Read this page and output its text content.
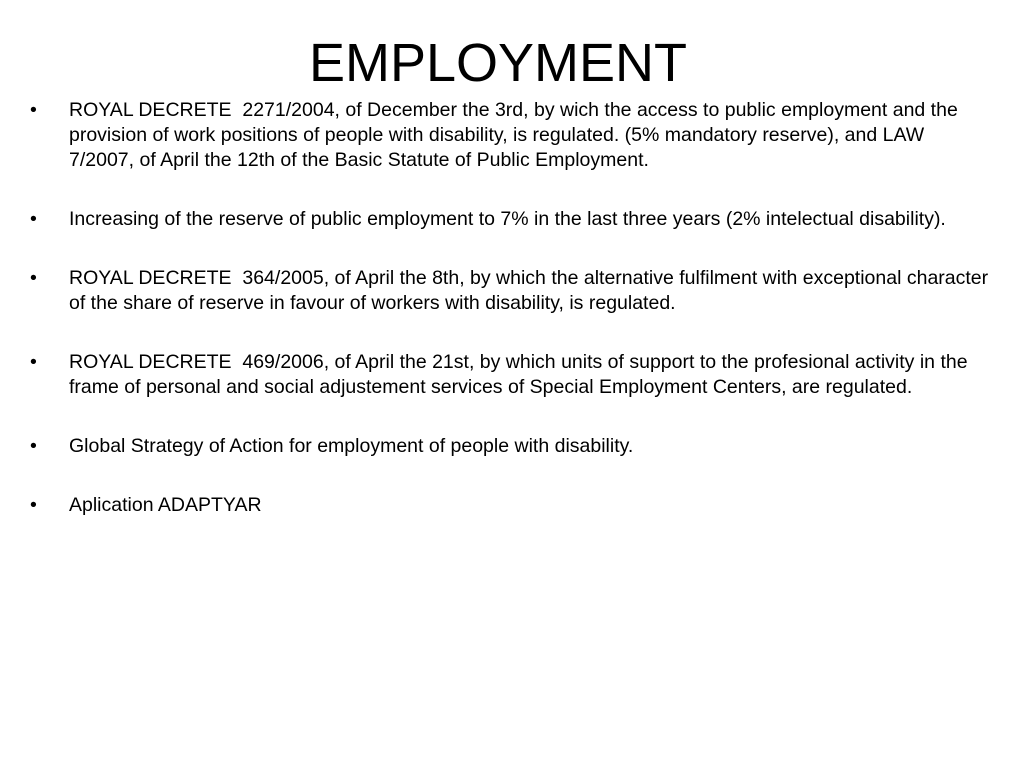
EMPLOYMENT
•	ROYAL DECRETE  2271/2004, of December the 3rd, by wich the access to public employment and the provision of work positions of people with disability, is regulated. (5% mandatory reserve), and LAW 7/2007, of April the 12th of the Basic Statute of Public Employment.
•	Increasing of the reserve of public employment to 7% in the last three years (2% intelectual disability).
•	ROYAL DECRETE  364/2005, of April the 8th, by which the alternative fulfilment with exceptional character of the share of reserve in favour of workers with disability, is regulated.
•	ROYAL DECRETE  469/2006, of April the 21st, by which units of support to the profesional activity in the frame of personal and social adjustement services of Special Employment Centers, are regulated.
•	Global Strategy of Action for employment of people with disability.
•	Aplication ADAPTYAR
